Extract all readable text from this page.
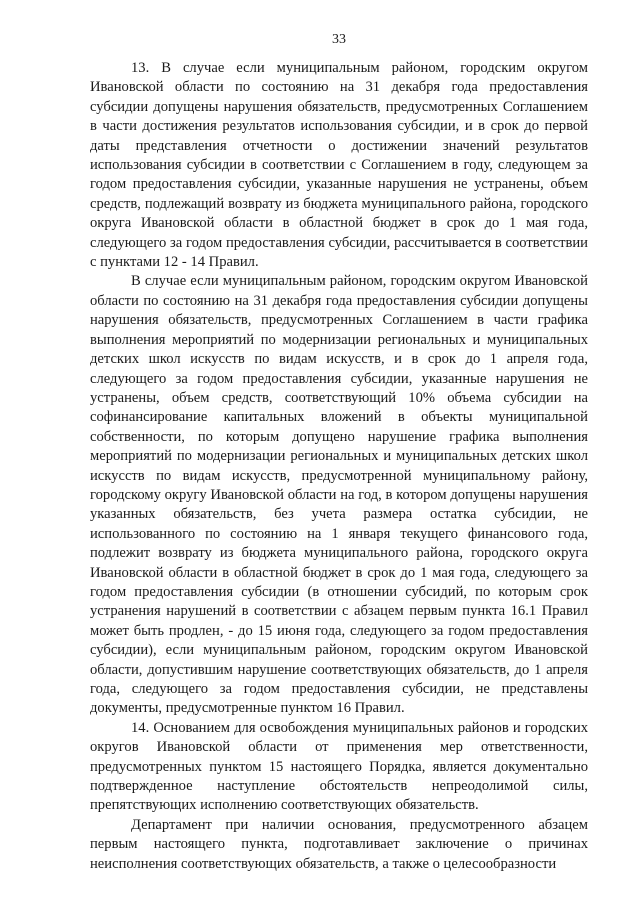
33

13. В случае если муниципальным районом, городским округом Ивановской области по состоянию на 31 декабря года предоставления субсидии допущены нарушения обязательств, предусмотренных Соглашением в части достижения результатов использования субсидии, и в срок до первой даты представления отчетности о достижении значений результатов использования субсидии в соответствии с Соглашением в году, следующем за годом предоставления субсидии, указанные нарушения не устранены, объем средств, подлежащий возврату из бюджета муниципального района, городского округа Ивановской области в областной бюджет в срок до 1 мая года, следующего за годом предоставления субсидии, рассчитывается в соответствии с пунктами 12 - 14 Правил.

В случае если муниципальным районом, городским округом Ивановской области по состоянию на 31 декабря года предоставления субсидии допущены нарушения обязательств, предусмотренных Соглашением в части графика выполнения мероприятий по модернизации региональных и муниципальных детских школ искусств по видам искусств, и в срок до 1 апреля года, следующего за годом предоставления субсидии, указанные нарушения не устранены, объем средств, соответствующий 10% объема субсидии на софинансирование капитальных вложений в объекты муниципальной собственности, по которым допущено нарушение графика выполнения мероприятий по модернизации региональных и муниципальных детских школ искусств по видам искусств, предусмотренной муниципальному району, городскому округу Ивановской области на год, в котором допущены нарушения указанных обязательств, без учета размера остатка субсидии, не использованного по состоянию на 1 января текущего финансового года, подлежит возврату из бюджета муниципального района, городского округа Ивановской области в областной бюджет в срок до 1 мая года, следующего за годом предоставления субсидии (в отношении субсидий, по которым срок устранения нарушений в соответствии с абзацем первым пункта 16.1 Правил может быть продлен, - до 15 июня года, следующего за годом предоставления субсидии), если муниципальным районом, городским округом Ивановской области, допустившим нарушение соответствующих обязательств, до 1 апреля года, следующего за годом предоставления субсидии, не представлены документы, предусмотренные пунктом 16 Правил.

14. Основанием для освобождения муниципальных районов и городских округов Ивановской области от применения мер ответственности, предусмотренных пунктом 15 настоящего Порядка, является документально подтвержденное наступление обстоятельств непреодолимой силы, препятствующих исполнению соответствующих обязательств.

Департамент при наличии основания, предусмотренного абзацем первым настоящего пункта, подготавливает заключение о причинах неисполнения соответствующих обязательств, а также о целесообразности
